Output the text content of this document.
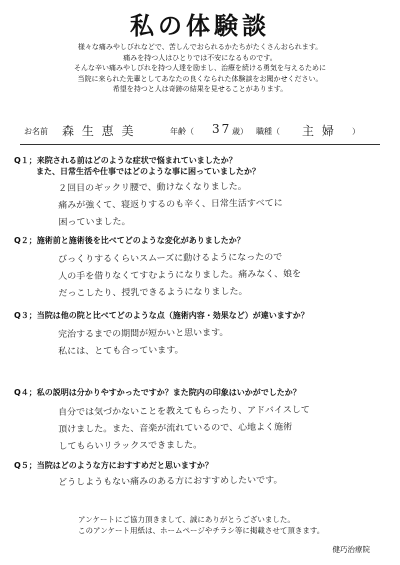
私の体験談
様々な痛みやしびれなどで、苦しんでおられるかたちがたくさんおられます。
痛みを持つ人はひとりでは不安になるものです。
そんな辛い痛みやしびれを持つ人達を励まし、治療を続ける勇気を与えるために
当院に来られた先輩としてあなたの良くなられた体験談をお聞かせください。
希望を持つと人は奇跡の結果を見せることがあります。
お名前 森 生 恵 美	年齢（ 37 歳） 職種（ 主 婦 ）
Q１；来院される前はどのような症状で悩まれていましたか？
また、日常生活や仕事ではどのような事に困っていましたか？
２回目のギックリ腰で、動けなくなりました。
痛みが強くて、寝返りするのも辛く、日常生活すべてに
困っていました。
Q２；施術前と施術後を比べてどのような変化がありましたか？
びっくりするくらいスムーズに動けるようになったので
人の手を借りなくてすむようになりました。痛みなく、娘を
だっこしたり、授乳できるようになりました。
Q３；当院は他の院と比べてどのような点（施術内容・効果など）が違いますか？
完治するまでの期間が短かいと思います。
私には、とても合っています。
Q４；私の説明は分かりやすかったですか？また院内の印象はいかがでしたか？
自分では気づかないことを教えてもらったり、アドバイスして
頂けました。また、音楽が流れているので、心地よく施術
してもらいリラックスできました。
Q５；当院はどのような方におすすめだと思いますか？
どうしようもない痛みのある方におすすめしたいです。
アンケートにご協力頂きまして、誠にありがとうございました。
このアンケート用紙は、ホームページやチラシ等に掲載させて頂きます。
健巧治療院
